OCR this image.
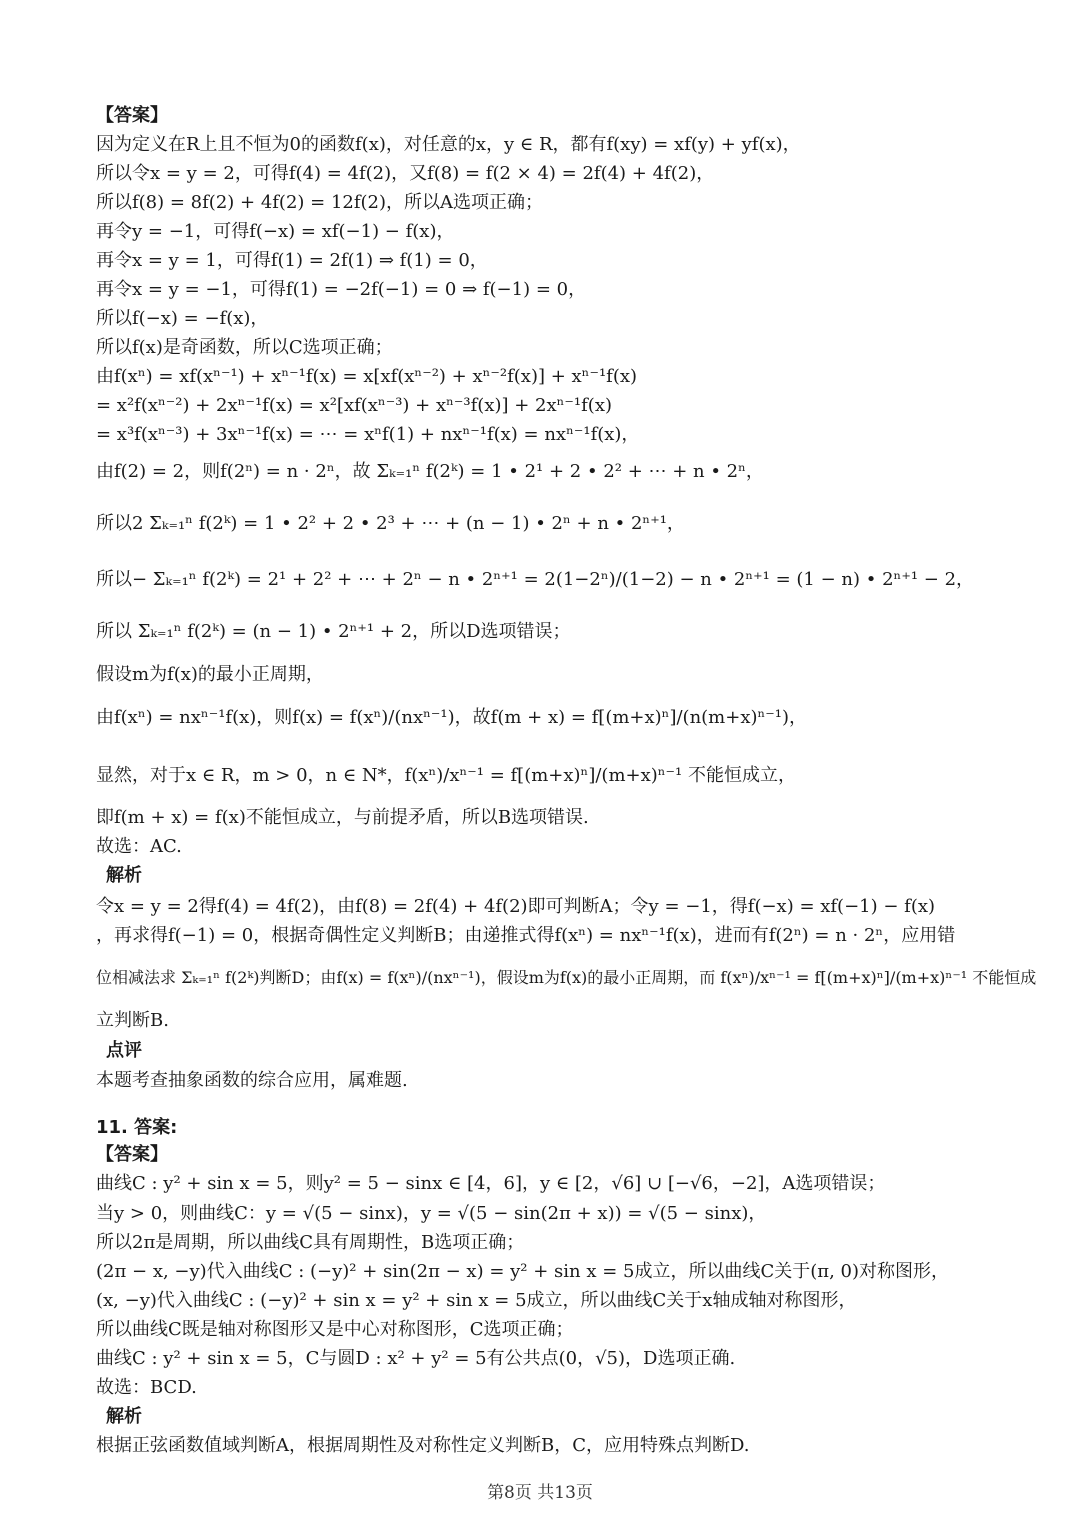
【答案】
因为定义在R上且不恒为0的函数f(x)，对任意的x，y ∈ R，都有f(xy) = xf(y) + yf(x)，
所以令x = y = 2，可得f(4) = 4f(2)，又f(8) = f(2 × 4) = 2f(4) + 4f(2)，
所以f(8) = 8f(2) + 4f(2) = 12f(2)，所以A选项正确；
再令y = −1，可得f(−x) = xf(−1) − f(x)，
再令x = y = 1，可得f(1) = 2f(1) ⇒ f(1) = 0，
再令x = y = −1，可得f(1) = −2f(−1) = 0 ⇒ f(−1) = 0，
所以f(−x) = −f(x)，
所以f(x)是奇函数，所以C选项正确；
由f(xⁿ) = xf(xⁿ⁻¹) + xⁿ⁻¹f(x) = x[xf(xⁿ⁻²) + xⁿ⁻²f(x)] + xⁿ⁻¹f(x)
= x²f(xⁿ⁻²) + 2xⁿ⁻¹f(x) = x²[xf(xⁿ⁻³) + xⁿ⁻³f(x)] + 2xⁿ⁻¹f(x)
= x³f(xⁿ⁻³) + 3xⁿ⁻¹f(x) = ⋯ = xⁿf(1) + nxⁿ⁻¹f(x) = nxⁿ⁻¹f(x)，
由f(2) = 2，则f(2ⁿ) = n · 2ⁿ，故 Σₖ₌₁ⁿ f(2ᵏ) = 1 • 2¹ + 2 • 2² + ⋯ + n • 2ⁿ，
所以2 Σₖ₌₁ⁿ f(2ᵏ) = 1 • 2² + 2 • 2³ + ⋯ + (n − 1) • 2ⁿ + n • 2ⁿ⁺¹，
所以− Σₖ₌₁ⁿ f(2ᵏ) = 2¹ + 2² + ⋯ + 2ⁿ − n • 2ⁿ⁺¹ = 2(1−2ⁿ)/(1−2) − n • 2ⁿ⁺¹ = (1 − n) • 2ⁿ⁺¹ − 2，
所以 Σₖ₌₁ⁿ f(2ᵏ) = (n − 1) • 2ⁿ⁺¹ + 2，所以D选项错误；
假设m为f(x)的最小正周期，
由f(xⁿ) = nxⁿ⁻¹f(x)，则f(x) = f(xⁿ)/(nxⁿ⁻¹)，故f(m + x) = f[(m+x)ⁿ]/(n(m+x)ⁿ⁻¹)，
显然，对于x ∈ R，m > 0，n ∈ N*，f(xⁿ)/xⁿ⁻¹ = f[(m+x)ⁿ]/(m+x)ⁿ⁻¹ 不能恒成立，
即f(m + x) = f(x)不能恒成立，与前提矛盾，所以B选项错误.
故选：AC.
解析
令x = y = 2得f(4) = 4f(2)，由f(8) = 2f(4) + 4f(2)即可判断A；令y = −1，得f(−x) = xf(−1) − f(x)
，再求得f(−1) = 0，根据奇偶性定义判断B；由递推式得f(xⁿ) = nxⁿ⁻¹f(x)，进而有f(2ⁿ) = n · 2ⁿ，应用错
位相减法求 Σₖ₌₁ⁿ f(2ᵏ)判断D；由f(x) = f(xⁿ)/(nxⁿ⁻¹)，假设m为f(x)的最小正周期，而 f(xⁿ)/xⁿ⁻¹ = f[(m+x)ⁿ]/(m+x)ⁿ⁻¹ 不能恒成
立判断B.
点评
本题考查抽象函数的综合应用，属难题.
11. 答案:
【答案】
曲线C : y² + sin x = 5，则y² = 5 − sinx ∈ [4，6]，y ∈ [2，√6] ∪ [−√6，−2]，A选项错误；
当y > 0，则曲线C：y = √(5 − sinx)，y = √(5 − sin(2π + x)) = √(5 − sinx)，
所以2π是周期，所以曲线C具有周期性，B选项正确；
(2π − x, −y)代入曲线C : (−y)² + sin(2π − x) = y² + sin x = 5成立，所以曲线C关于(π, 0)对称图形，
(x, −y)代入曲线C : (−y)² + sin x = y² + sin x = 5成立，所以曲线C关于x轴成轴对称图形，
所以曲线C既是轴对称图形又是中心对称图形，C选项正确；
曲线C : y² + sin x = 5，C与圆D : x² + y² = 5有公共点(0，√5)，D选项正确.
故选：BCD.
解析
根据正弦函数值域判断A，根据周期性及对称性定义判断B，C，应用特殊点判断D.
第8页 共13页
